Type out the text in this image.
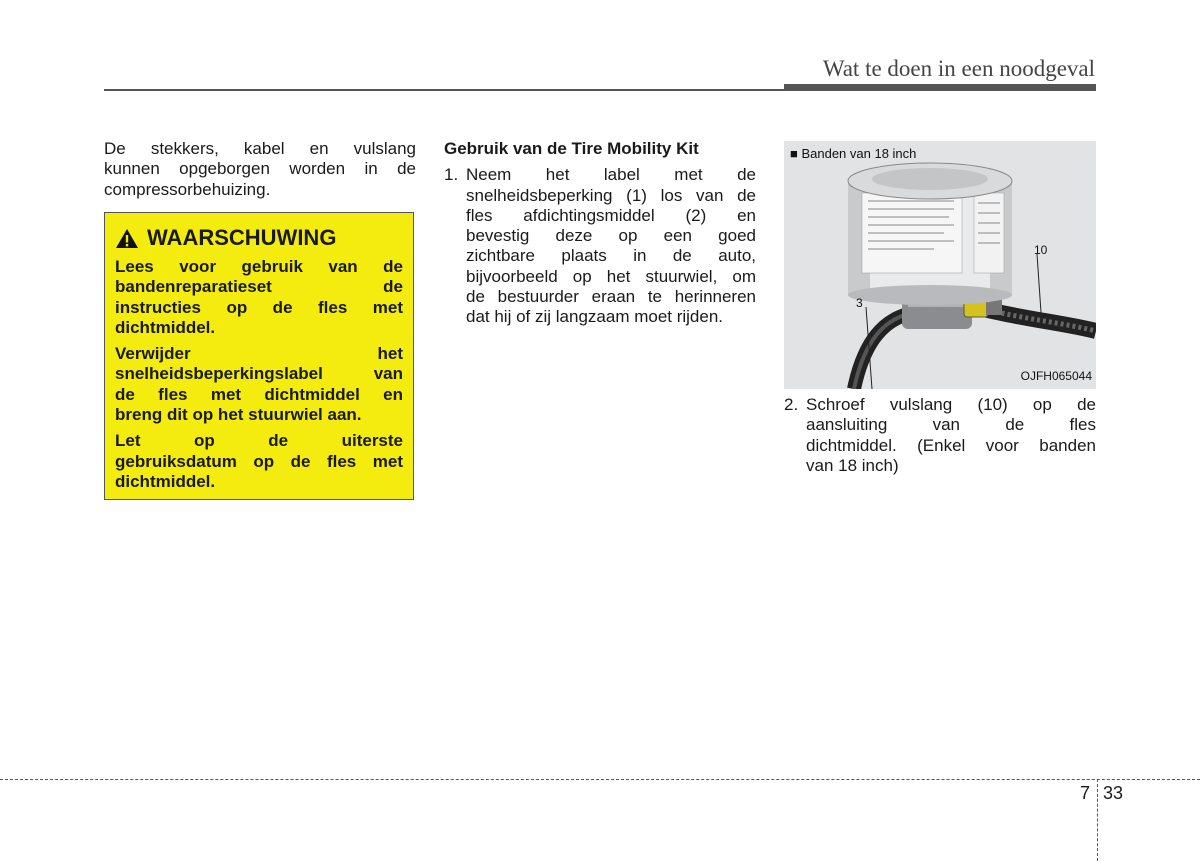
Wat te doen in een noodgeval
De stekkers, kabel en vulslang
kunnen opgeborgen worden in de
compressorbehuizing.
WAARSCHUWING

Lees voor gebruik van de
bandenreparatieset de
instructies op de fles met
dichtmiddel.

Verwijder het
snelheidsbeperkingslabel van
de fles met dichtmiddel en
breng dit op het stuurwiel aan.

Let op de uiterste
gebruiksdatum op de fles met
dichtmiddel.

Gebruik van de Tire Mobility Kit
1. Neem het label met de
snelheidsbeperking (1) los van de
fles afdichtingsmiddel (2) en
bevestig deze op een goed
zichtbare plaats in de auto,
bijvoorbeeld op het stuurwiel, om
de bestuurder eraan te herinneren
dat hij of zij langzaam moet rijden.
■ Banden van 18 inch
3
10
OJFH065044
2. Schroef vulslang (10) op de
aansluiting van de fles
dichtmiddel. (Enkel voor banden
van 18 inch)
7 33
